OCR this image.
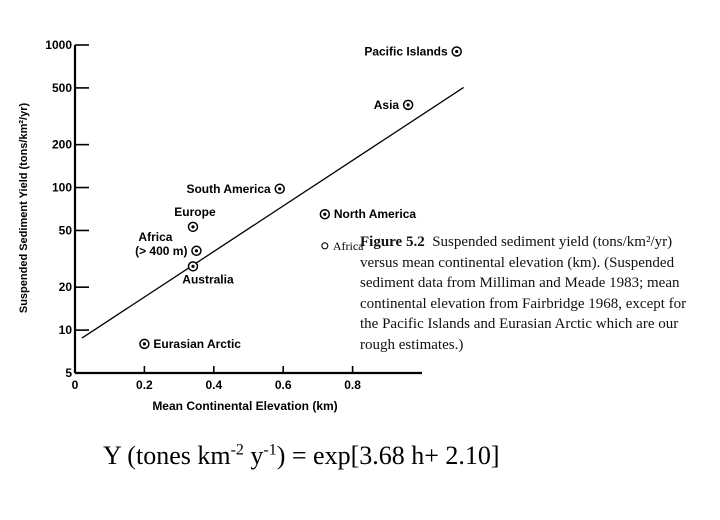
0	0.2	0.4	0.6	0.8
5
10
20
50
100
200
500
1000	Pacific Islands
Asia
South America
North America
Europe
Africa
(> 400 m)
Australia
Eurasian Arctic
Africa
Mean Continental Elevation (km)
Suspended Sediment Yield (tons/km²/yr)	Figure 5.2 Suspended sediment yield (tons/km²/yr) versus mean continental elevation (km). (Suspended sediment data from Milliman and Meade 1983; mean continental elevation from Fairbridge 1968, except for the Pacific Islands and Eurasian Arctic which are our rough estimates.)
Y (tones $km^{-2}$ $y^{-1}) = \exp[3.68$ h+ 2.10]
